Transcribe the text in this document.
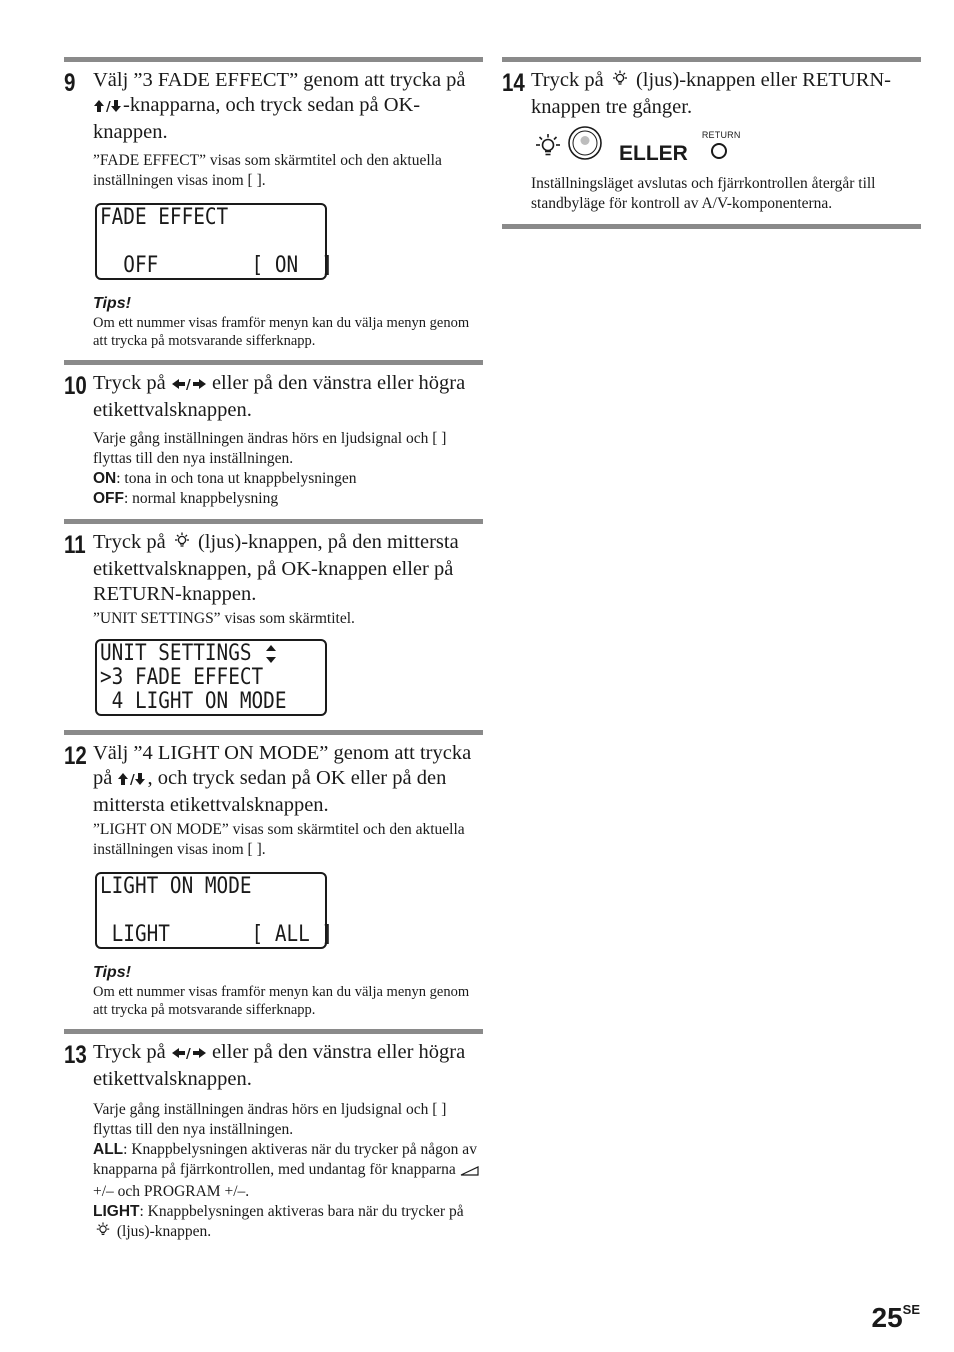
9 Välj ”3 FADE EFFECT” genom att trycka på
/ -knapparna, och tryck sedan på OK-knappen.

”FADE EFFECT” visas som skärmtitel och den aktuella inställningen visas inom [ ].

FADE EFFECT
OFF        [ ON  ]
Tips!
Om ett nummer visas framför menyn kan du välja menyn genom att trycka på motsvarande sifferknapp.
10 Tryck på / eller på den vänstra eller högra etikettvalsknappen.

Varje gång inställningen ändras hörs en ljudsignal och [ ] flyttas till den nya inställningen.

ON: tona in och tona ut knappbelysningen

OFF: normal knappbelysning

11 Tryck på  (ljus)-knappen, på den mittersta etikettvalsknappen, på OK-knappen eller på RETURN-knappen.

”UNIT SETTINGS” visas som skärmtitel.

UNIT SETTINGS
>3 FADE EFFECT
4 LIGHT ON MODE
12 Välj ”4 LIGHT ON MODE” genom att trycka på / , och tryck sedan på OK eller på den mittersta etikettvalsknappen.

”LIGHT ON MODE” visas som skärmtitel och den aktuella inställningen visas inom [ ].

LIGHT ON MODE
LIGHT       [ ALL ]
Tips!
Om ett nummer visas framför menyn kan du välja menyn genom att trycka på motsvarande sifferknapp.
13 Tryck på / eller på den vänstra eller högra etikettvalsknappen.

Varje gång inställningen ändras hörs en ljudsignal och [ ] flyttas till den nya inställningen.

ALL: Knappbelysningen aktiveras när du trycker på någon av knapparna på fjärrkontrollen, med undantag för knapparna  +/– och PROGRAM +/–.

LIGHT: Knappbelysningen aktiveras bara när du trycker på  (ljus)-knappen.

14 Tryck på  (ljus)-knappen eller RETURN-knappen tre gånger.
ELLER
RETURN

Inställningsläget avslutas och fjärrkontrollen återgår till standbyläge för kontroll av A/V-komponenterna.

$25^{SE}$
